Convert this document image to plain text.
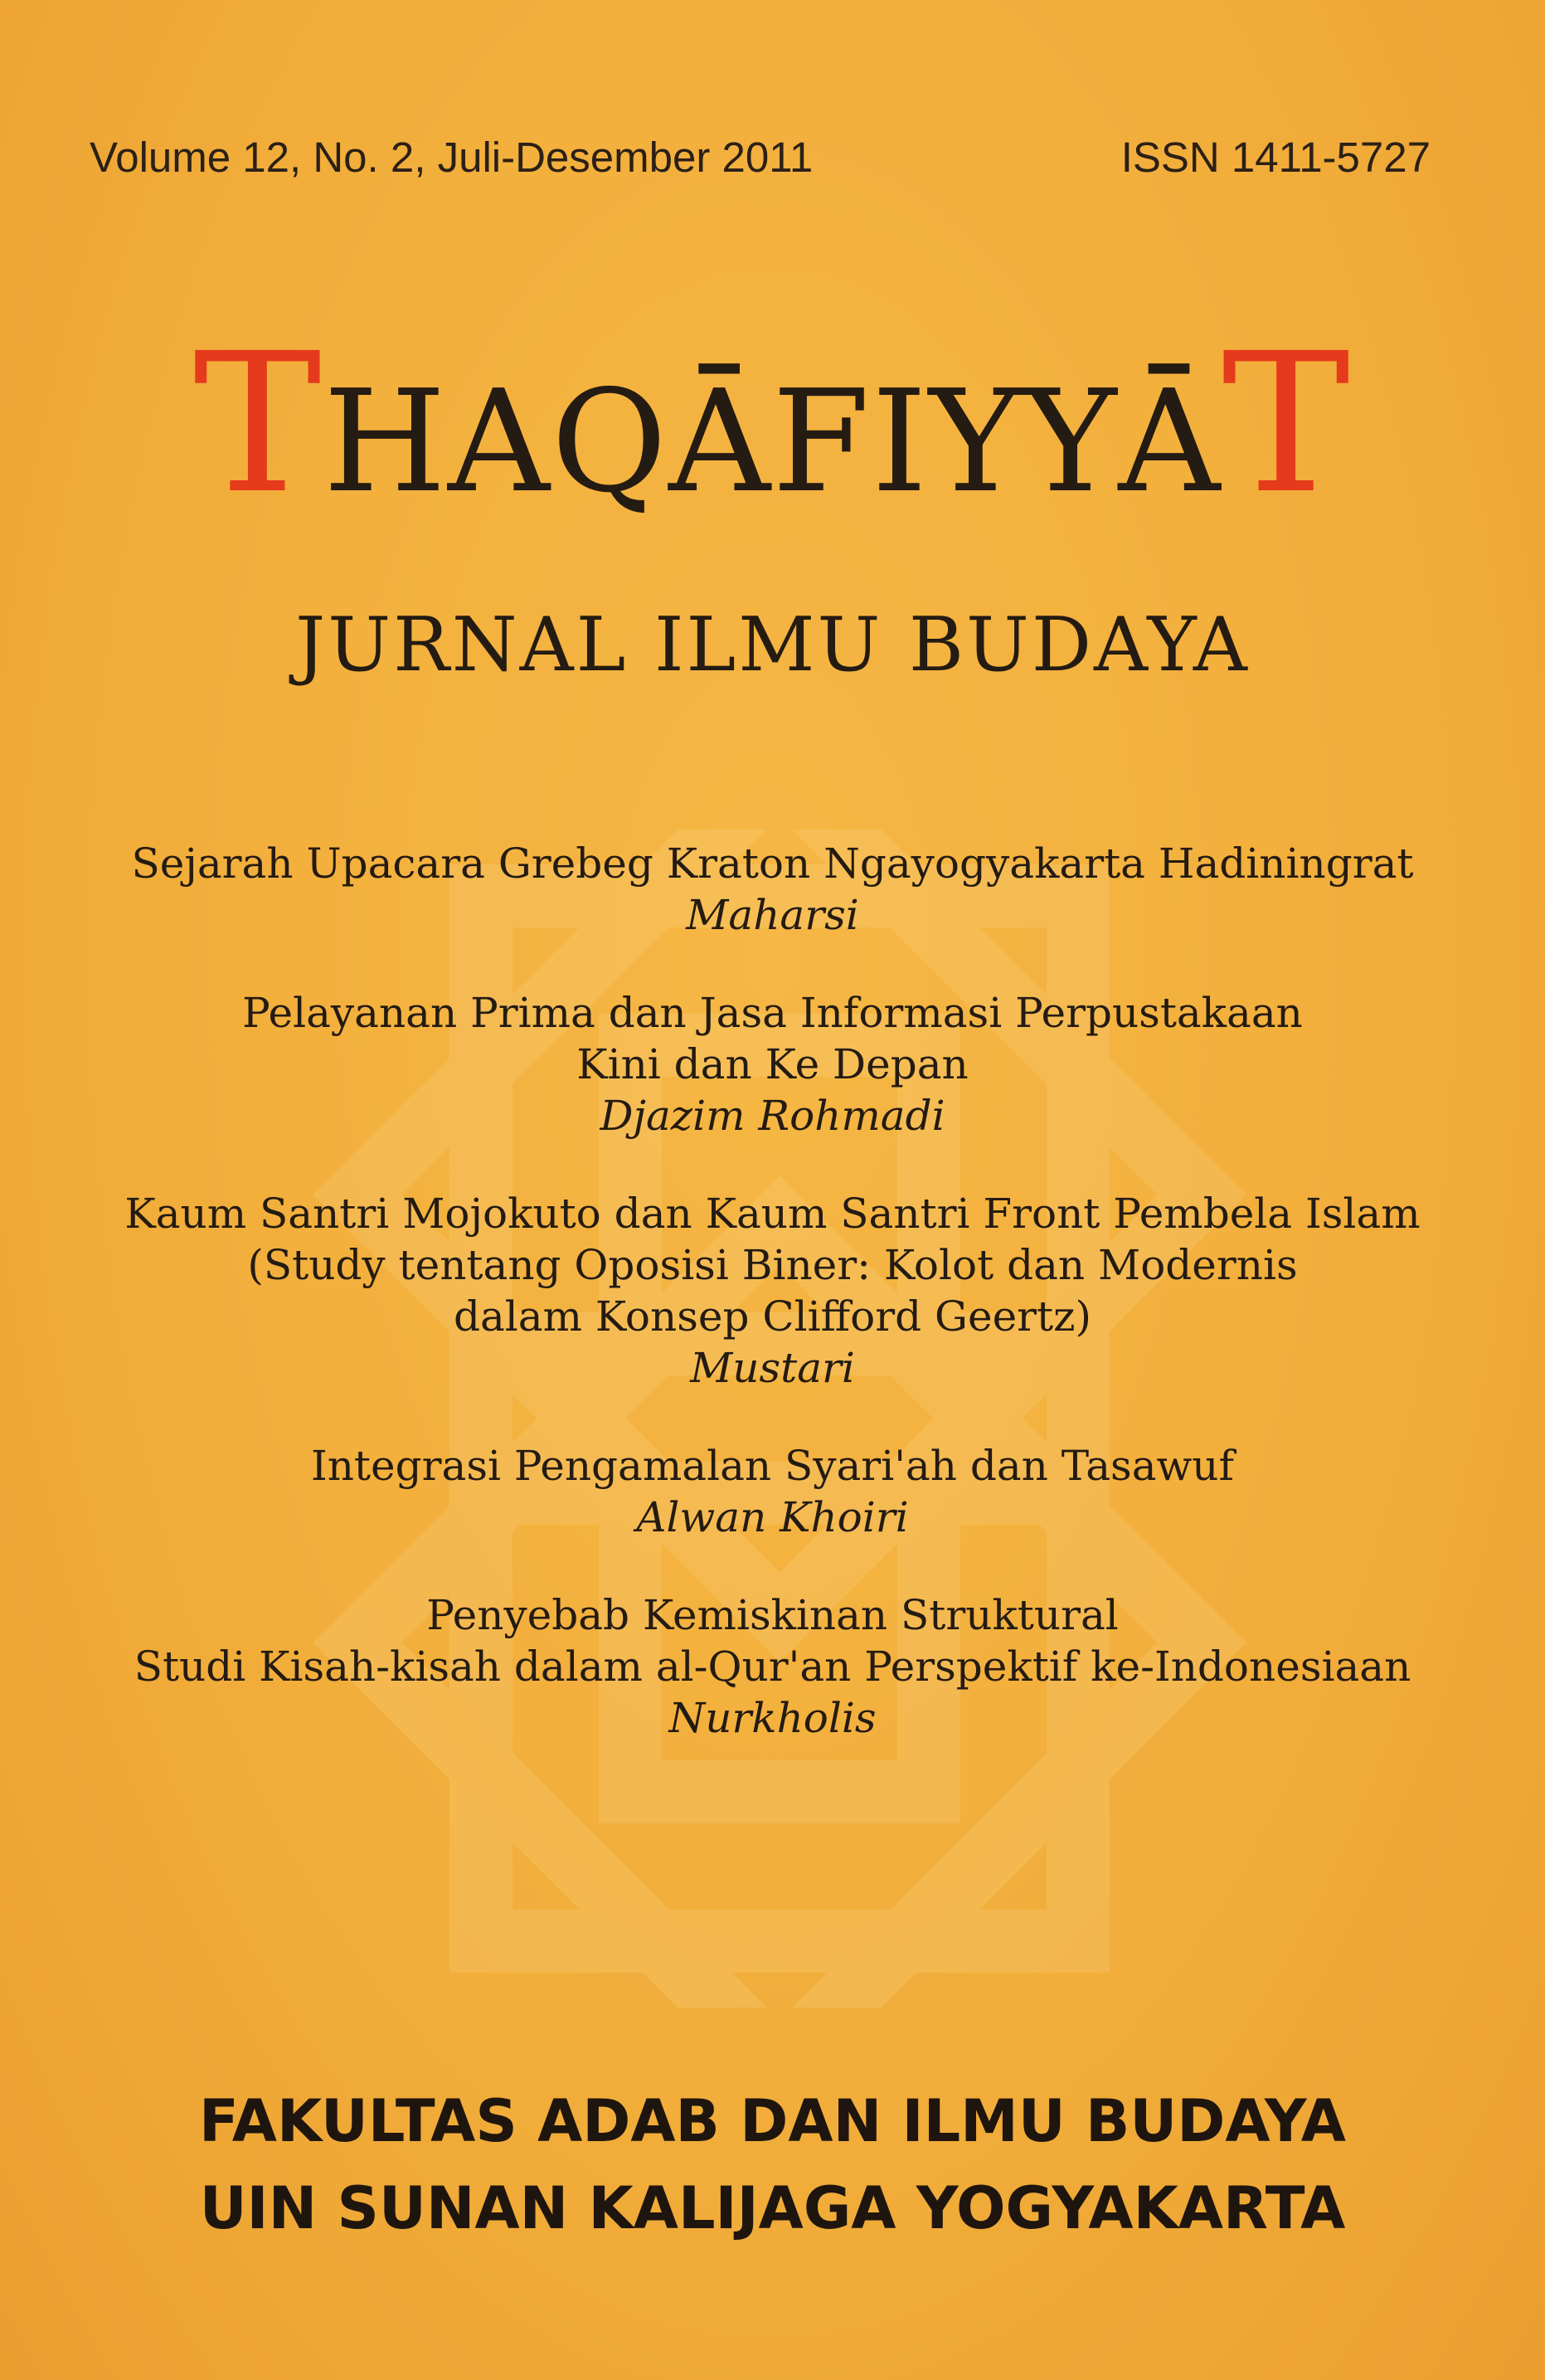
Volume 12, No. 2, Juli-Desember 2011	ISSN 1411-5727
THAQĀFIYYĀT
JURNAL ILMU BUDAYA
Sejarah Upacara Grebeg Kraton Ngayogyakarta Hadiningrat
Maharsi
Pelayanan Prima dan Jasa Informasi Perpustakaan
Kini dan Ke Depan
Djazim Rohmadi
Kaum Santri Mojokuto dan Kaum Santri Front Pembela Islam
(Study tentang Oposisi Biner: Kolot dan Modernis
dalam Konsep Clifford Geertz)
Mustari
Integrasi Pengamalan Syari'ah dan Tasawuf
Alwan Khoiri
Penyebab Kemiskinan Struktural
Studi Kisah-kisah dalam al-Qur'an Perspektif ke-Indonesiaan
Nurkholis
FAKULTAS ADAB DAN ILMU BUDAYA
UIN SUNAN KALIJAGA YOGYAKARTA
